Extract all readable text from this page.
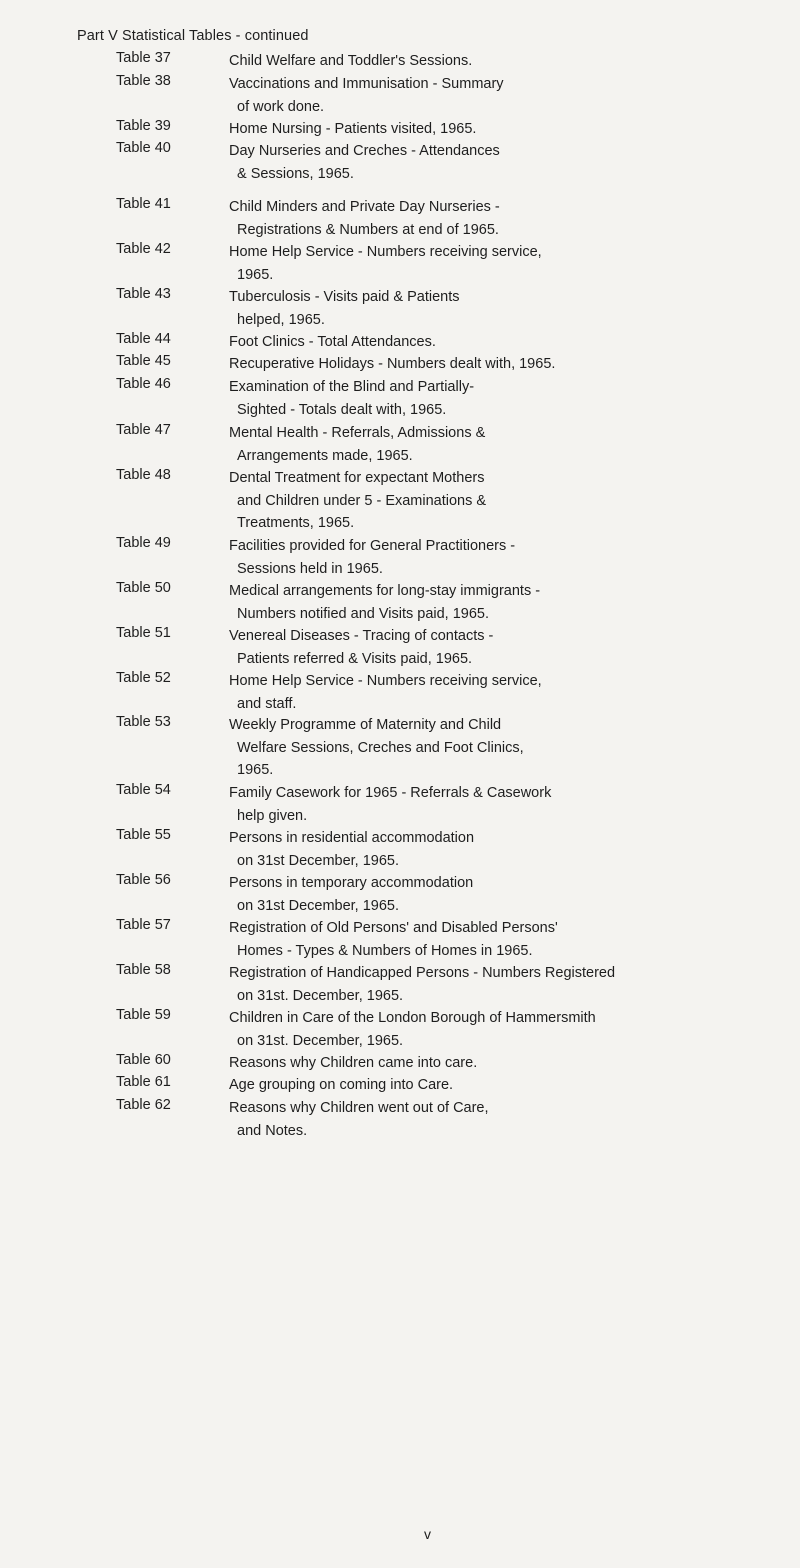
Part V Statistical Tables - continued
Table 37	Child Welfare and Toddler's Sessions.
Table 38	Vaccinations and Immunisation - Summary
of work done.
Table 39	Home Nursing - Patients visited, 1965.
Table 40	Day Nurseries and Creches - Attendances
& Sessions, 1965.
Table 41	Child Minders and Private Day Nurseries -
Registrations & Numbers at end of 1965.
Table 42	Home Help Service - Numbers receiving service,
1965.
Table 43	Tuberculosis - Visits paid & Patients
helped, 1965.
Table 44	Foot Clinics - Total Attendances.
Table 45	Recuperative Holidays - Numbers dealt with, 1965.
Table 46	Examination of the Blind and Partially-
Sighted - Totals dealt with, 1965.
Table 47	Mental Health - Referrals, Admissions &
Arrangements made, 1965.
Table 48	Dental Treatment for expectant Mothers
and Children under 5 - Examinations &
Treatments, 1965.
Table 49	Facilities provided for General Practitioners -
Sessions held in 1965.
Table 50	Medical arrangements for long-stay immigrants -
Numbers notified and Visits paid, 1965.
Table 51	Venereal Diseases - Tracing of contacts -
Patients referred & Visits paid, 1965.
Table 52	Home Help Service - Numbers receiving service,
and staff.
Table 53	Weekly Programme of Maternity and Child
Welfare Sessions, Creches and Foot Clinics,
1965.
Table 54	Family Casework for 1965 - Referrals & Casework
help given.
Table 55	Persons in residential accommodation
on 31st December, 1965.
Table 56	Persons in temporary accommodation
on 31st December, 1965.
Table 57	Registration of Old Persons' and Disabled Persons'
Homes - Types & Numbers of Homes in 1965.
Table 58	Registration of Handicapped Persons - Numbers Registered
on 31st. December, 1965.
Table 59	Children in Care of the London Borough of Hammersmith
on 31st. December, 1965.
Table 60	Reasons why Children came into care.
Table 61	Age grouping on coming into Care.
Table 62	Reasons why Children went out of Care,
and Notes.
v
